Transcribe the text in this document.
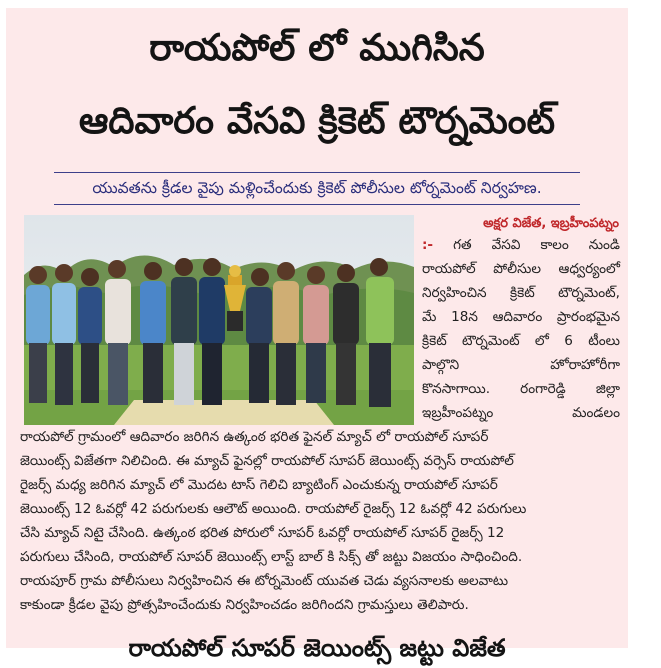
రాయపోల్ లో ముగిసిన
ఆదివారం వేసవి క్రికెట్ టౌర్నమెంట్
యువతను క్రీడల వైపు మళ్లించేందుకు క్రికెట్ పోలీసుల టోర్నమెంట్ నిర్వహణ.
అక్షర విజేత, ఇబ్రహీంపట్నం
:- గత వేసవి కాలం నుండి
రాయపోల్ పోలీసుల ఆధ్వర్యంలో
నిర్వహించిన క్రికెట్ టౌర్నమెంట్,
మే 18న ఆదివారం ప్రారంభమైన
క్రికెట్ టౌర్నమెంట్ లో 6 టీంలు
పాల్గొని	హోరాహోరీగా
కొనసాగాయి. రంగారెడ్డి జిల్లా
ఇబ్రహీంపట్నం	మండలం
రాయపోల్ గ్రామంలో ఆదివారం జరిగిన ఉత్కంఠ భరిత ఫైనల్ మ్యాచ్ లో రాయపోల్ సూపర్
జెయింట్స్ విజేతగా నిలిచింది. ఈ మ్యాచ్ ఫైనల్లో రాయపోల్ సూపర్ జెయింట్స్ వర్సెస్ రాయపోల్
రైజర్స్ మధ్య జరిగిన మ్యాచ్ లో మొదట టాస్ గెలిచి బ్యాటింగ్ ఎంచుకున్న రాయపోల్ సూపర్
జెయింట్స్ 12 ఓవర్లో 42 పరుగులకు ఆలౌట్ అయింది. రాయపోల్ రైజర్స్ 12 ఓవర్లో 42 పరుగులు
చేసి మ్యాచ్ నిటై చేసింది. ఉత్కంఠ భరిత పోరులో సూపర్ ఓవర్లో రాయపోల్ సూపర్ రైజర్స్ 12
పరుగులు చేసింది, రాయపోల్ సూపర్ జెయింట్స్ లాస్ట్ బాల్ కి సిక్స్ తో జట్టు విజయం సాధించింది.
రాయపూర్ గ్రామ పోలీసులు నిర్వహించిన ఈ టోర్నమెంట్ యువత చెడు వ్యసనాలకు అలవాటు
కాకుండా క్రీడల వైపు ప్రోత్సహించేందుకు నిర్వహించడం జరిగిందని గ్రామస్తులు తెలిపారు.
రాయపోల్ సూపర్ జెయింట్స్ జట్టు విజేత
